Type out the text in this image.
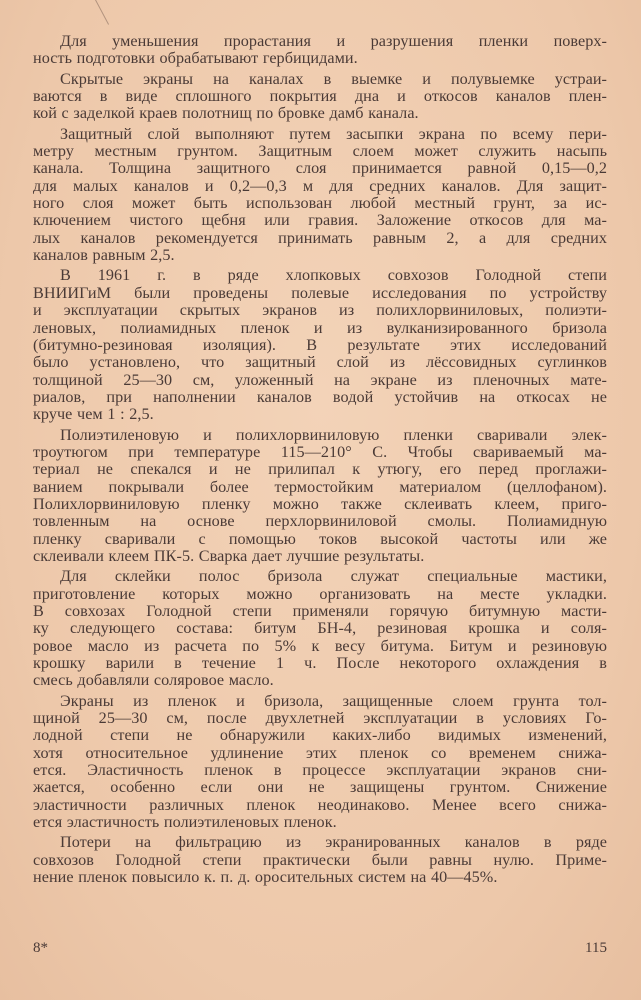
Для уменьшения прорастания и разрушения пленки поверх-
ность подготовки обрабатывают гербицидами.

Скрытые экраны на каналах в выемке и полувыемке устраи-
ваются в виде сплошного покрытия дна и откосов каналов плен-
кой с заделкой краев полотнищ по бровке дамб канала.

Защитный слой выполняют путем засыпки экрана по всему пери-
метру местным грунтом. Защитным слоем может служить насыпь
канала. Толщина защитного слоя принимается равной 0,15—0,2
для малых каналов и 0,2—0,3 м для средних каналов. Для защит-
ного слоя может быть использован любой местный грунт, за ис-
ключением чистого щебня или гравия. Заложение откосов для ма-
лых каналов рекомендуется принимать равным 2, а для средних
каналов равным 2,5.

В 1961 г. в ряде хлопковых совхозов Голодной степи
ВНИИГиМ были проведены полевые исследования по устройству
и эксплуатации скрытых экранов из полихлорвиниловых, полиэти-
леновых, полиамидных пленок и из вулканизированного бризола
(битумно-резиновая изоляция). В результате этих исследований
было установлено, что защитный слой из лёссовидных суглинков
толщиной 25—30 см, уложенный на экране из пленочных мате-
риалов, при наполнении каналов водой устойчив на откосах не
круче чем 1 : 2,5.

Полиэтиленовую и полихлорвиниловую пленки сваривали элек-
троутюгом при температуре 115—210° С. Чтобы свариваемый ма-
териал не спекался и не прилипал к утюгу, его перед проглажи-
ванием покрывали более термостойким материалом (целлофаном).
Полихлорвиниловую пленку можно также склеивать клеем, приго-
товленным на основе перхлорвиниловой смолы. Полиамидную
пленку сваривали с помощью токов высокой частоты или же
склеивали клеем ПК-5. Сварка дает лучшие результаты.

Для склейки полос бризола служат специальные мастики,
приготовление которых можно организовать на месте укладки.
В совхозах Голодной степи применяли горячую битумную масти-
ку следующего состава: битум БН-4, резиновая крошка и соля-
ровое масло из расчета по 5% к весу битума. Битум и резиновую
крошку варили в течение 1 ч. После некоторого охлаждения в
смесь добавляли соляровое масло.

Экраны из пленок и бризола, защищенные слоем грунта тол-
щиной 25—30 см, после двухлетней эксплуатации в условиях Го-
лодной степи не обнаружили каких-либо видимых изменений,
хотя относительное удлинение этих пленок со временем снижа-
ется. Эластичность пленок в процессе эксплуатации экранов сни-
жается, особенно если они не защищены грунтом. Снижение
эластичности различных пленок неодинаково. Менее всего снижа-
ется эластичность полиэтиленовых пленок.

Потери на фильтрацию из экранированных каналов в ряде
совхозов Голодной степи практически были равны нулю. Приме-
нение пленок повысило к. п. д. оросительных систем на 40—45%.

8*	115
